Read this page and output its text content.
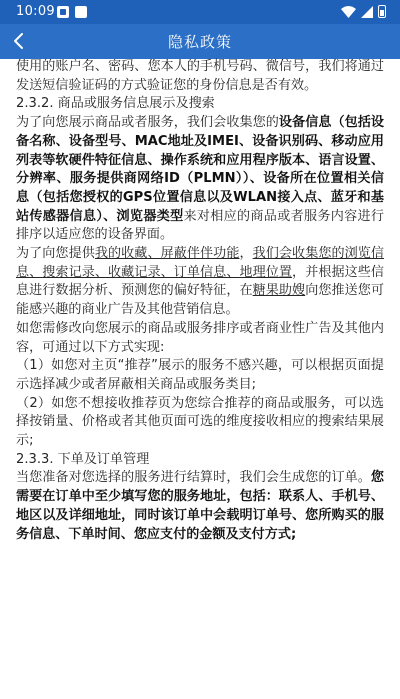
10:09
隐私政策

使用的账户名、密码、您本人的手机号码、微信号，我们将通过发送短信验证码的方式验证您的身份信息是否有效。

2.3.2. 商品或服务信息展示及搜索

为了向您展示商品或者服务，我们会收集您的设备信息（包括设备名称、设备型号、MAC地址及IMEI、设备识别码、移动应用列表等软硬件特征信息、操作系统和应用程序版本、语言设置、分辨率、服务提供商网络ID（PLMN））、设备所在位置相关信息（包括您授权的GPS位置信息以及WLAN接入点、蓝牙和基站传感器信息）、浏览器类型来对相应的商品或者服务内容进行排序以适应您的设备界面。

为了向您提供我的收藏、屏蔽伴伴功能，我们会收集您的浏览信息、搜索记录、收藏记录、订单信息、地理位置，并根据这些信息进行数据分析、预测您的偏好特征，在糖果助嫂向您推送您可能感兴趣的商业广告及其他营销信息。

如您需修改向您展示的商品或服务排序或者商业性广告及其他内容，可通过以下方式实现:

（1）如您对主页“推荐”展示的服务不感兴趣，可以根据页面提示选择减少或者屏蔽相关商品或服务类目;

（2）如您不想接收推荐页为您综合推荐的商品或服务，可以选择按销量、价格或者其他页面可选的维度接收相应的搜索结果展示;

2.3.3. 下单及订单管理

当您准备对您选择的服务进行结算时，我们会生成您的订单。您需要在订单中至少填写您的服务地址，包括：联系人、手机号、地区以及详细地址，同时该订单中会载明订单号、您所购买的服务信息、下单时间、您应支付的金额及支付方式;
